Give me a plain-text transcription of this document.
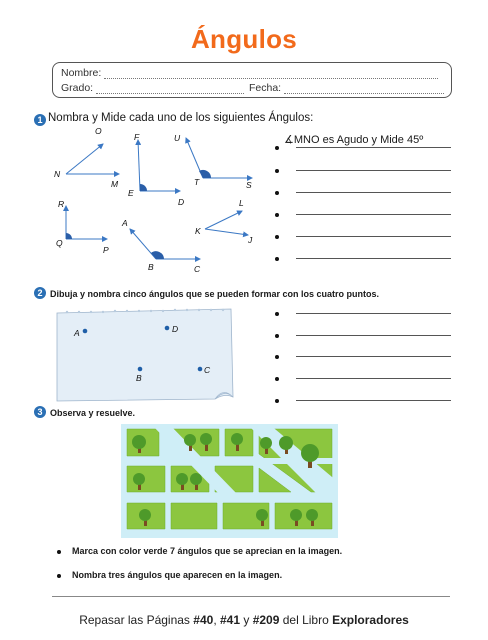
Ángulos
Nombre:
Grado:	Fecha:
1 Nombra y Mide cada uno de los siguientes Ángulos:
O
N
M
F
E
D
U
T	S
R
Q
P
L
K
J
A
B	C
∡MNO es Agudo y Mide 45º
2 Dibuja y nombra cinco ángulos que se pueden formar con los cuatro puntos.
A	D
B
C
3 Observa y resuelve.
Marca con color verde 7 ángulos que se aprecian en la imagen.
Nombra tres ángulos que aparecen en la imagen.
Repasar las Páginas #40, #41 y #209 del Libro Exploradores
